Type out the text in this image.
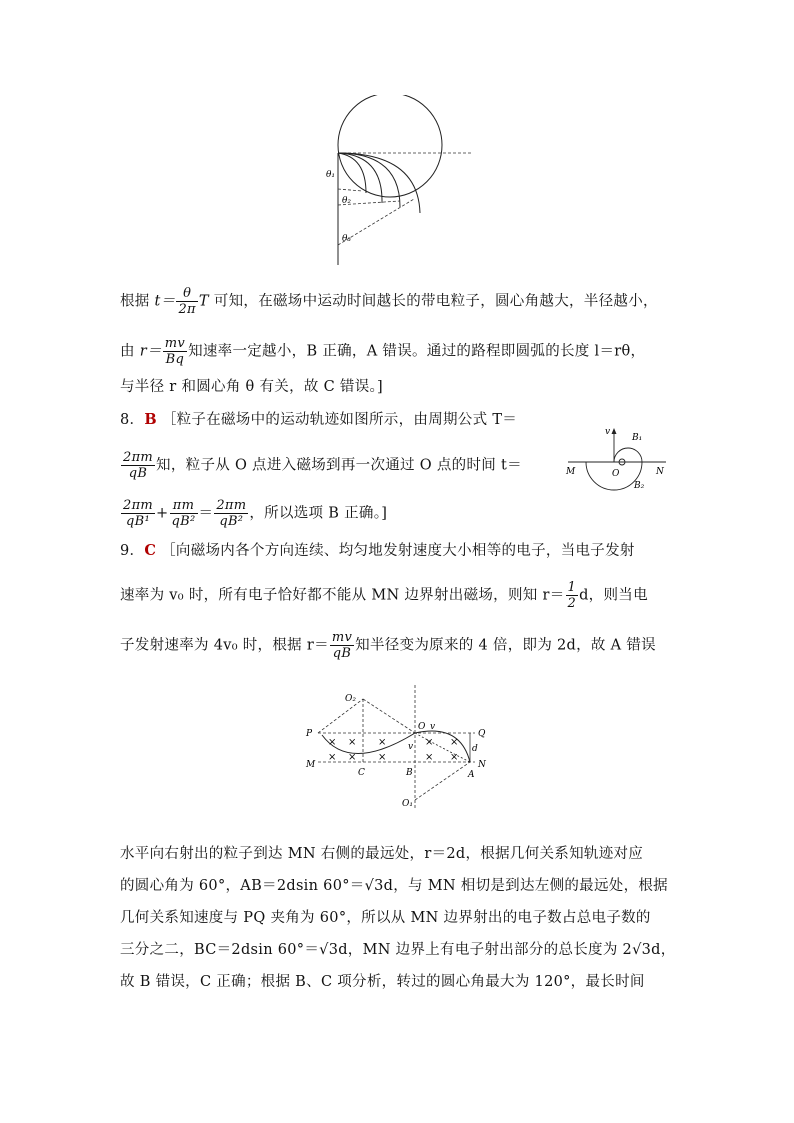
θ₁
θ₂
θ₃
根据 $t= \frac{\theta}{2\pi}$ T 可知，在磁场中运动时间越长的带电粒子，圆心角越大，半径越小，
由 $r= \frac{mv}{Bq}$ 知速率一定越小，B 正确，A 错误。通过的路程即圆弧的长度 l＝rθ，
与半径 r 和圆心角 θ 有关，故 C 错误。]
8．B ［粒子在磁场中的运动轨迹如图所示，由周期公式 T＝
$\frac{2\pi m}{qB}$ 知，粒子从 O 点进入磁场到再一次通过 O 点的时间 t＝
$\frac{2\pi m}{\text{qB¹}} + \frac{\pi m}{\text{qB²}} = \frac{2\pi m}{\text{qB²}}$ ，所以选项 B 正确。]
v
B₁
M	O	N
B₂
9．C ［向磁场内各个方向连续、均匀地发射速度大小相等的电子，当电子发射
速率为 v₀ 时，所有电子恰好都不能从 MN 边界射出磁场，则知 $r= \frac{1}{2}$ d，则当电
子发射速率为 4v₀ 时，根据 $r= \frac{mv}{qB}$ 知半径变为原来的 4 倍，即为 2d，故 A 错误
× × ×	× ×
× × ×	× ×
O₂
O v
Q
P
v	d
M	N
C	B	A
O₁
水平向右射出的粒子到达 MN 右侧的最远处，r＝2d，根据几何关系知轨迹对应
的圆心角为 60°，AB＝2dsin 60°＝√3d，与 MN 相切是到达左侧的最远处，根据
几何关系知速度与 PQ 夹角为 60°，所以从 MN 边界射出的电子数占总电子数的
三分之二，BC＝2dsin 60°＝√3d，MN 边界上有电子射出部分的总长度为 2√3d，
故 B 错误，C 正确；根据 B、C 项分析，转过的圆心角最大为 120°，最长时间
